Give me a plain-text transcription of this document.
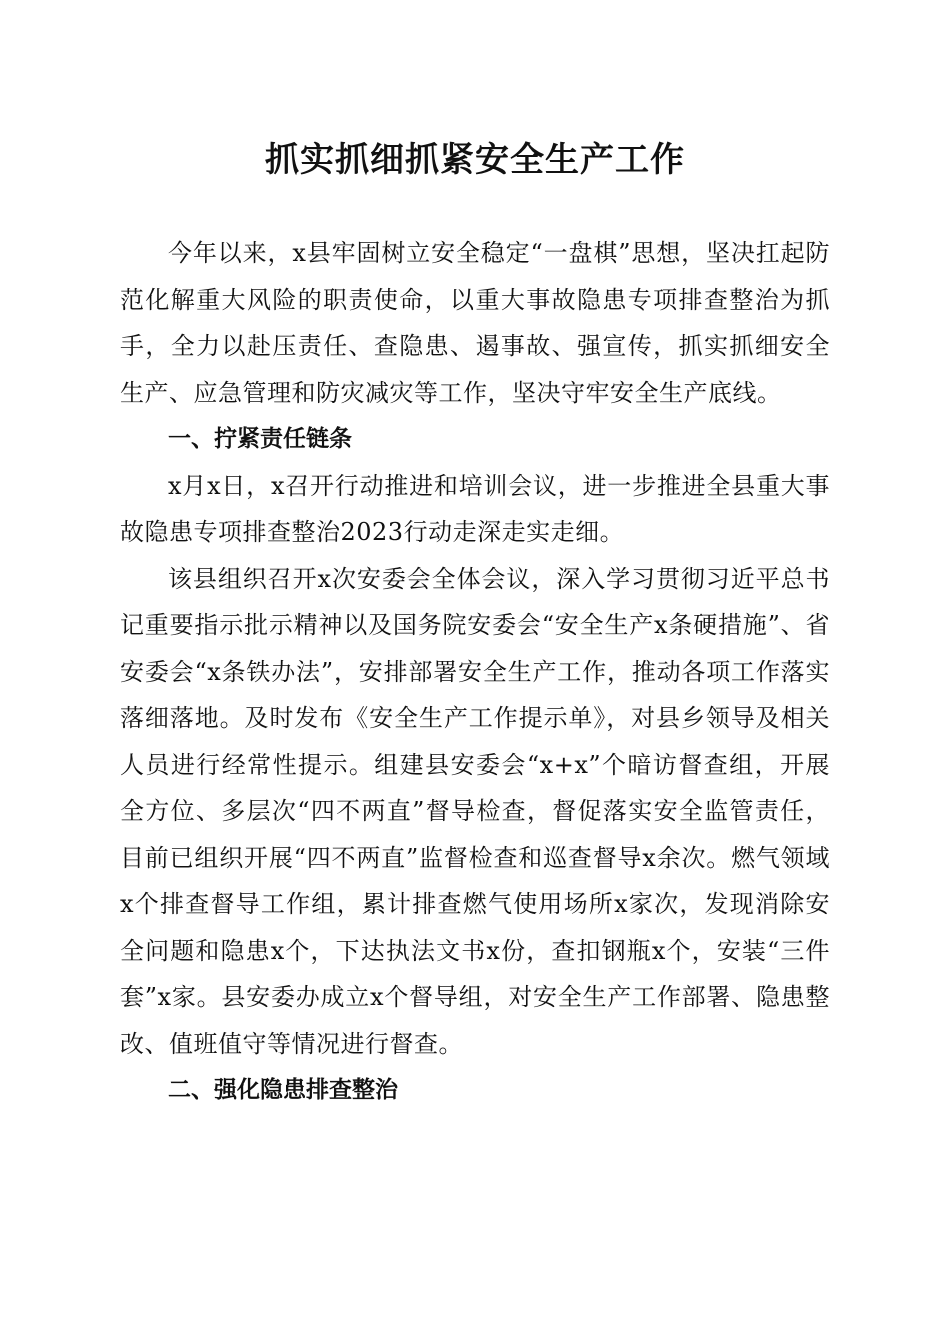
抓实抓细抓紧安全生产工作

今年以来，x县牢固树立安全稳定“一盘棋”思想，坚决扛起防范化解重大风险的职责使命，以重大事故隐患专项排查整治为抓手，全力以赴压责任、查隐患、遏事故、强宣传，抓实抓细安全生产、应急管理和防灾减灾等工作，坚决守牢安全生产底线。

一、拧紧责任链条

x月x日，x召开行动推进和培训会议，进一步推进全县重大事故隐患专项排查整治2023行动走深走实走细。

该县组织召开x次安委会全体会议，深入学习贯彻习近平总书记重要指示批示精神以及国务院安委会“安全生产x条硬措施”、省安委会“x条铁办法”，安排部署安全生产工作，推动各项工作落实落细落地。及时发布《安全生产工作提示单》，对县乡领导及相关人员进行经常性提示。组建县安委会“x+x”个暗访督查组，开展全方位、多层次“四不两直”督导检查，督促落实安全监管责任，目前已组织开展“四不两直”监督检查和巡查督导x余次。燃气领域x个排查督导工作组，累计排查燃气使用场所x家次，发现消除安全问题和隐患x个，下达执法文书x份，查扣钢瓶x个，安装“三件套”x家。县安委办成立x个督导组，对安全生产工作部署、隐患整改、值班值守等情况进行督查。

二、强化隐患排查整治
